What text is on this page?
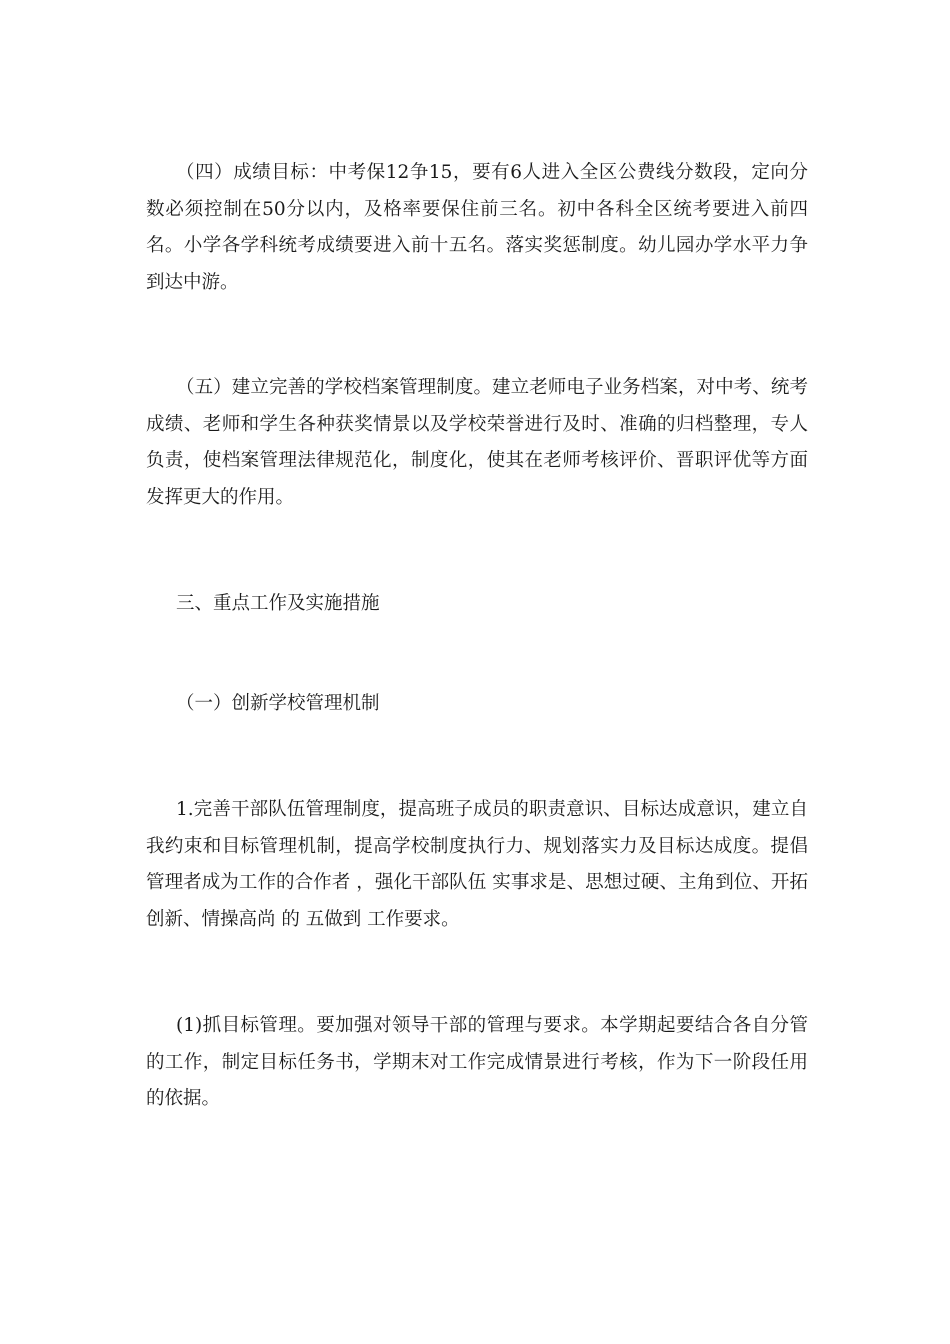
（四）成绩目标：中考保12争15，要有6人进入全区公费线分数段，定向分数必须控制在50分以内，及格率要保住前三名。初中各科全区统考要进入前四名。小学各学科统考成绩要进入前十五名。落实奖惩制度。幼儿园办学水平力争到达中游。

（五）建立完善的学校档案管理制度。建立老师电子业务档案，对中考、统考成绩、老师和学生各种获奖情景以及学校荣誉进行及时、准确的归档整理，专人负责，使档案管理法律规范化，制度化，使其在老师考核评价、晋职评优等方面发挥更大的作用。

三、重点工作及实施措施

（一）创新学校管理机制

1.完善干部队伍管理制度，提高班子成员的职责意识、目标达成意识，建立自我约束和目标管理机制，提高学校制度执行力、规划落实力及目标达成度。提倡 管理者成为工作的合作者 ，强化干部队伍 实事求是、思想过硬、主角到位、开拓创新、情操高尚 的 五做到 工作要求。

(1)抓目标管理。要加强对领导干部的管理与要求。本学期起要结合各自分管的工作，制定目标任务书，学期末对工作完成情景进行考核，作为下一阶段任用的依据。
